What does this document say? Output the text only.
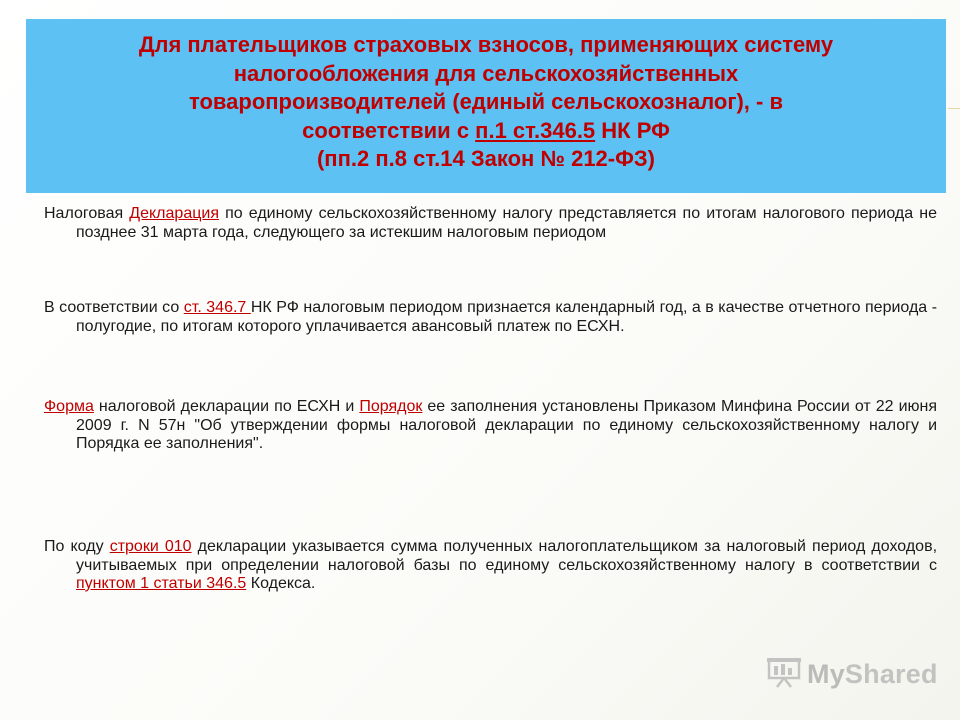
Для плательщиков страховых взносов, применяющих систему
налогообложения для сельскохозяйственных
товаропроизводителей (единый сельскохозналог), - в
соответствии с п.1 ст.346.5 НК РФ
(пп.2 п.8 ст.14 Закон № 212-ФЗ)

Налоговая Декларация по единому сельскохозяйственному налогу представляется по итогам налогового периода не позднее 31 марта года, следующего за истекшим налоговым периодом

В соответствии со ст. 346.7 НК РФ налоговым периодом признается календарный год, а в качестве отчетного периода - полугодие, по итогам которого уплачивается авансовый платеж по ЕСХН.

Форма налоговой декларации по ЕСХН и Порядок ее заполнения установлены Приказом Минфина России от 22 июня 2009 г. N 57н "Об утверждении формы налоговой декларации по единому сельскохозяйственному налогу и Порядка ее заполнения".

По коду строки 010 декларации указывается сумма полученных налогоплательщиком за налоговый период доходов, учитываемых при определении налоговой базы по единому сельскохозяйственному налогу в соответствии с пунктом 1 статьи 346.5 Кодекса.

MyShared
